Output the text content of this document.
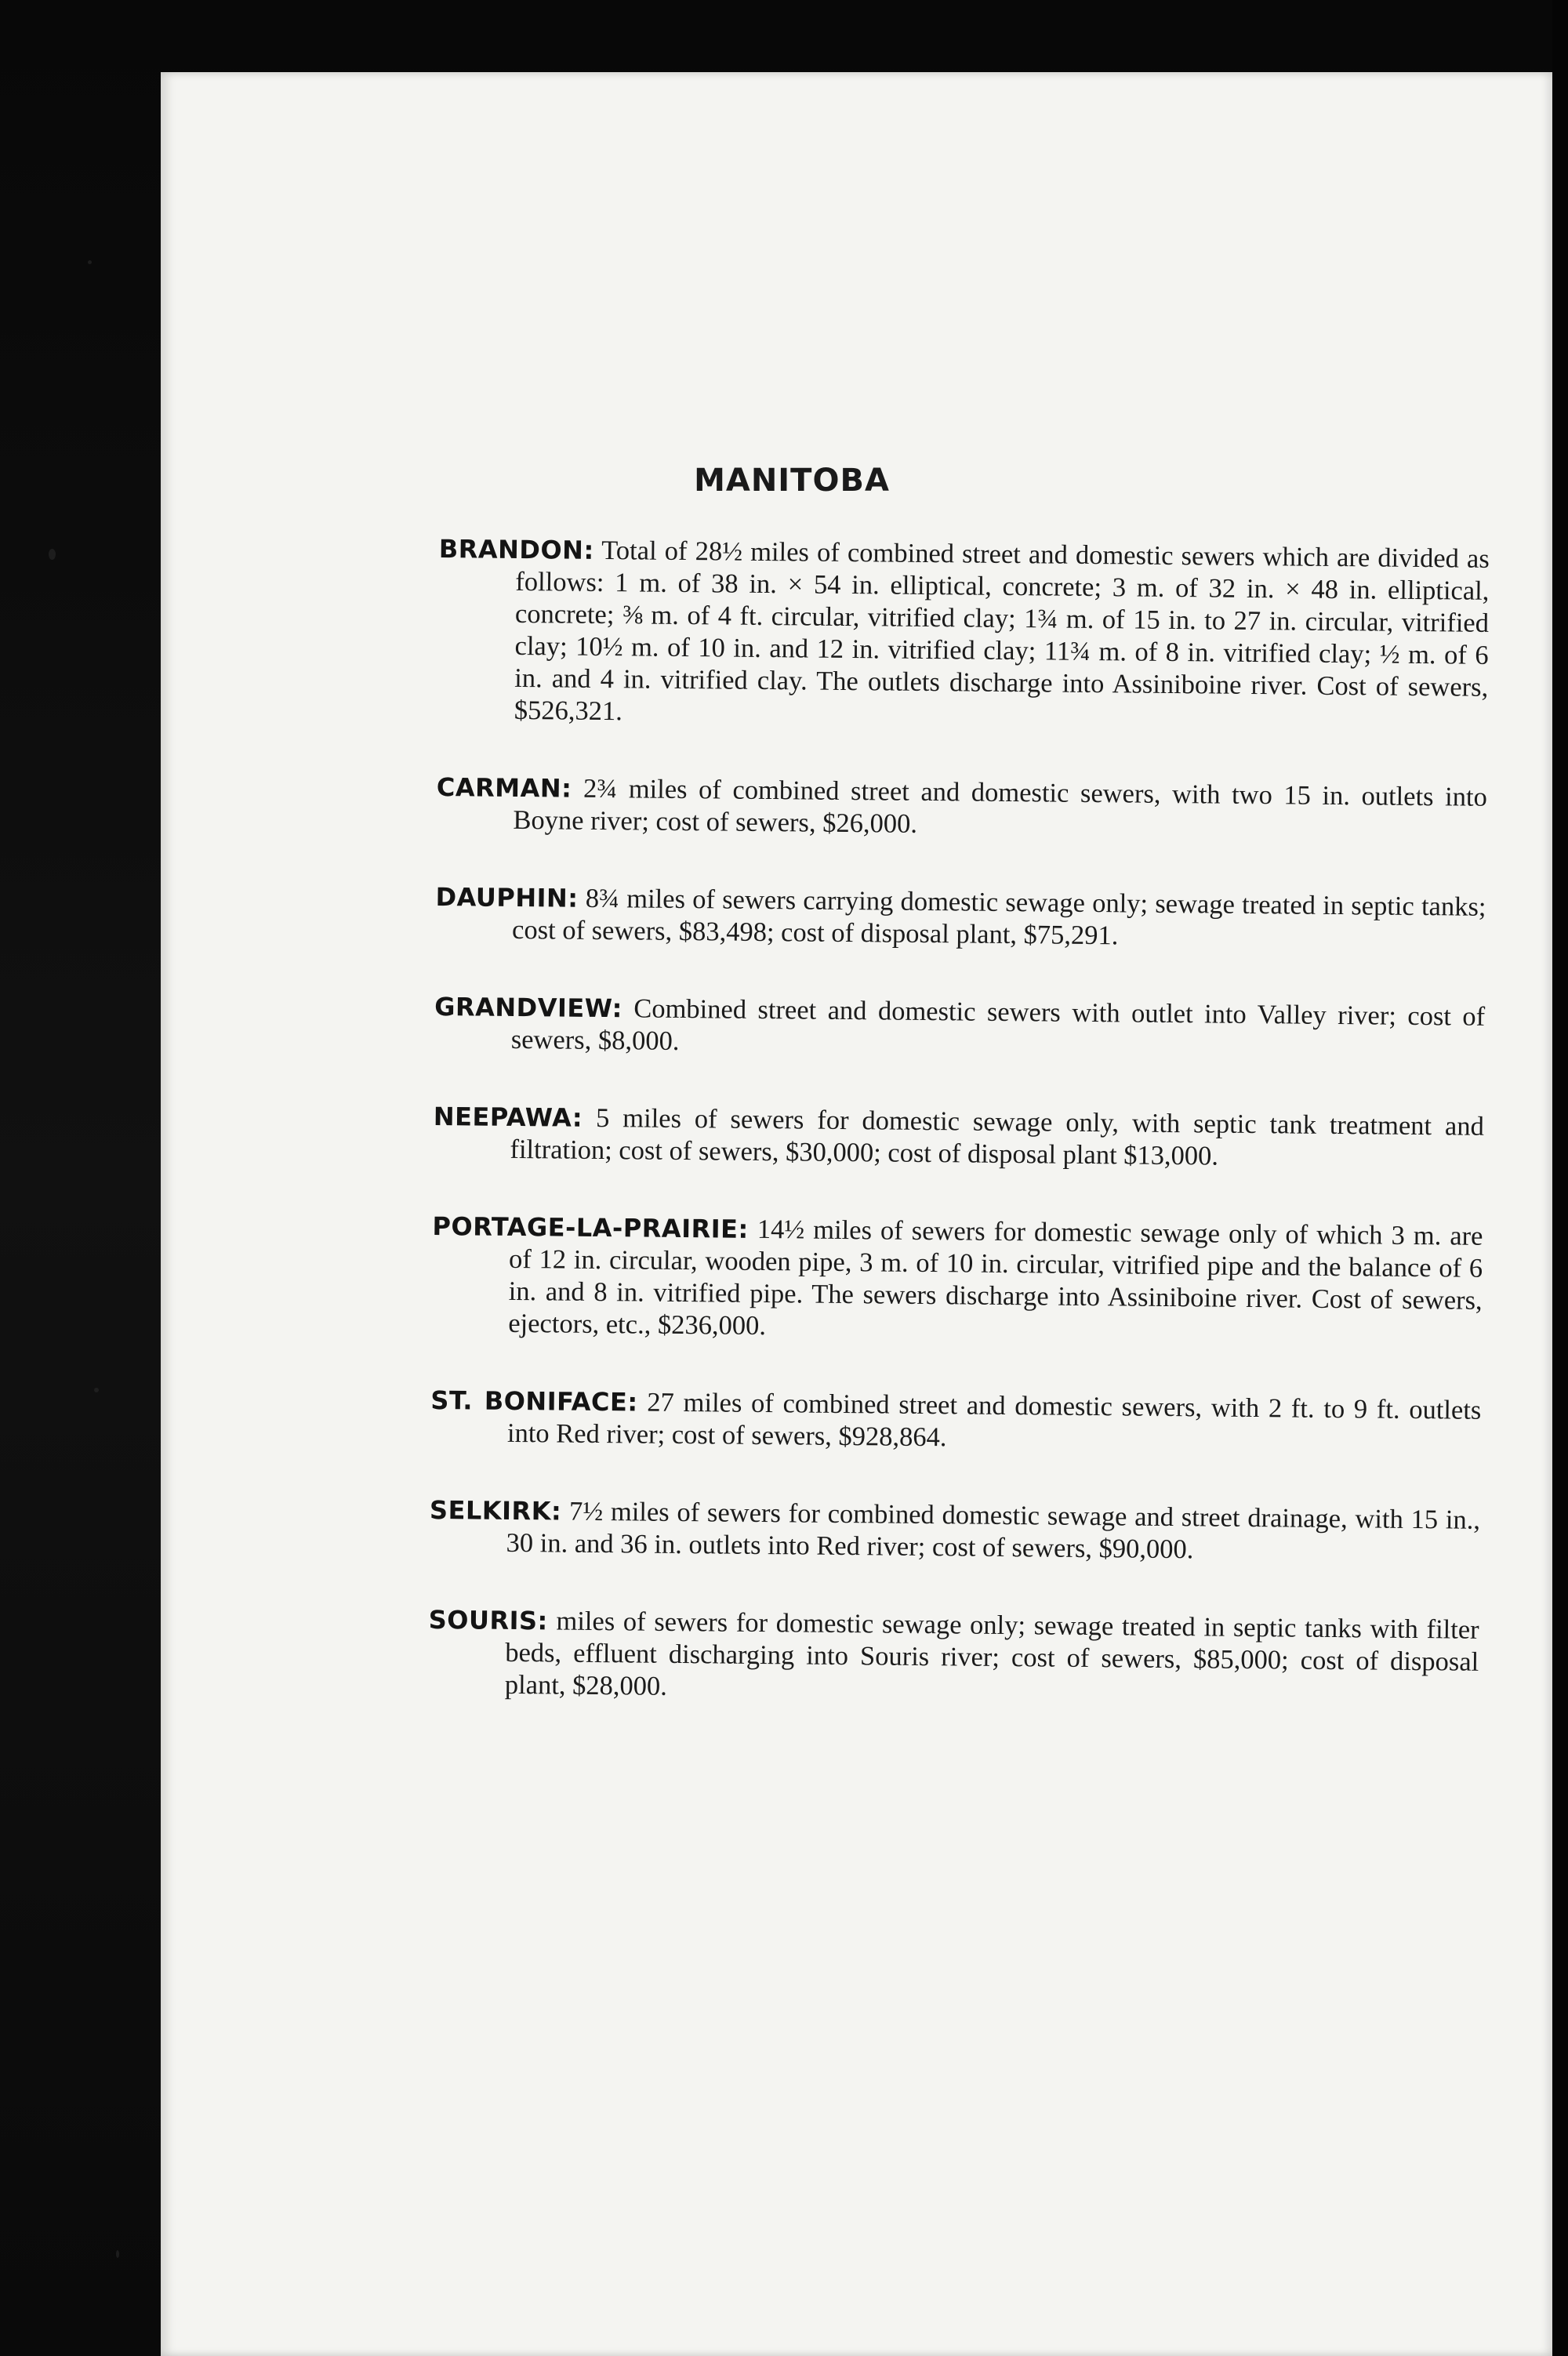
MANITOBA

BRANDON: Total of 28½ miles of combined street and domestic sewers which are divided as follows: 1 m. of 38 in. × 54 in. elliptical, concrete; 3 m. of 32 in. × 48 in. elliptical, concrete; ⅜ m. of 4 ft. circular, vitrified clay; 1¾ m. of 15 in. to 27 in. circular, vitrified clay; 10½ m. of 10 in. and 12 in. vitrified clay; 11¾ m. of 8 in. vitrified clay; ½ m. of 6 in. and 4 in. vitrified clay. The outlets discharge into Assiniboine river. Cost of sewers, $526,321.

CARMAN: 2¾ miles of combined street and domestic sewers, with two 15 in. outlets into Boyne river; cost of sewers, $26,000.

DAUPHIN: 8¾ miles of sewers carrying domestic sewage only; sewage treated in septic tanks; cost of sewers, $83,498; cost of disposal plant, $75,291.

GRANDVIEW: Combined street and domestic sewers with outlet into Valley river; cost of sewers, $8,000.

NEEPAWA: 5 miles of sewers for domestic sewage only, with septic tank treatment and filtration; cost of sewers, $30,000; cost of disposal plant $13,000.

PORTAGE-LA-PRAIRIE: 14½ miles of sewers for domestic sewage only of which 3 m. are of 12 in. circular, wooden pipe, 3 m. of 10 in. circular, vitrified pipe and the balance of 6 in. and 8 in. vitrified pipe. The sewers discharge into Assiniboine river. Cost of sewers, ejectors, etc., $236,000.

ST. BONIFACE: 27 miles of combined street and domestic sewers, with 2 ft. to 9 ft. outlets into Red river; cost of sewers, $928,864.

SELKIRK: 7½ miles of sewers for combined domestic sewage and street drainage, with 15 in., 30 in. and 36 in. outlets into Red river; cost of sewers, $90,000.

SOURIS: miles of sewers for domestic sewage only; sewage treated in septic tanks with filter beds, effluent discharging into Souris river; cost of sewers, $85,000; cost of disposal plant, $28,000.
